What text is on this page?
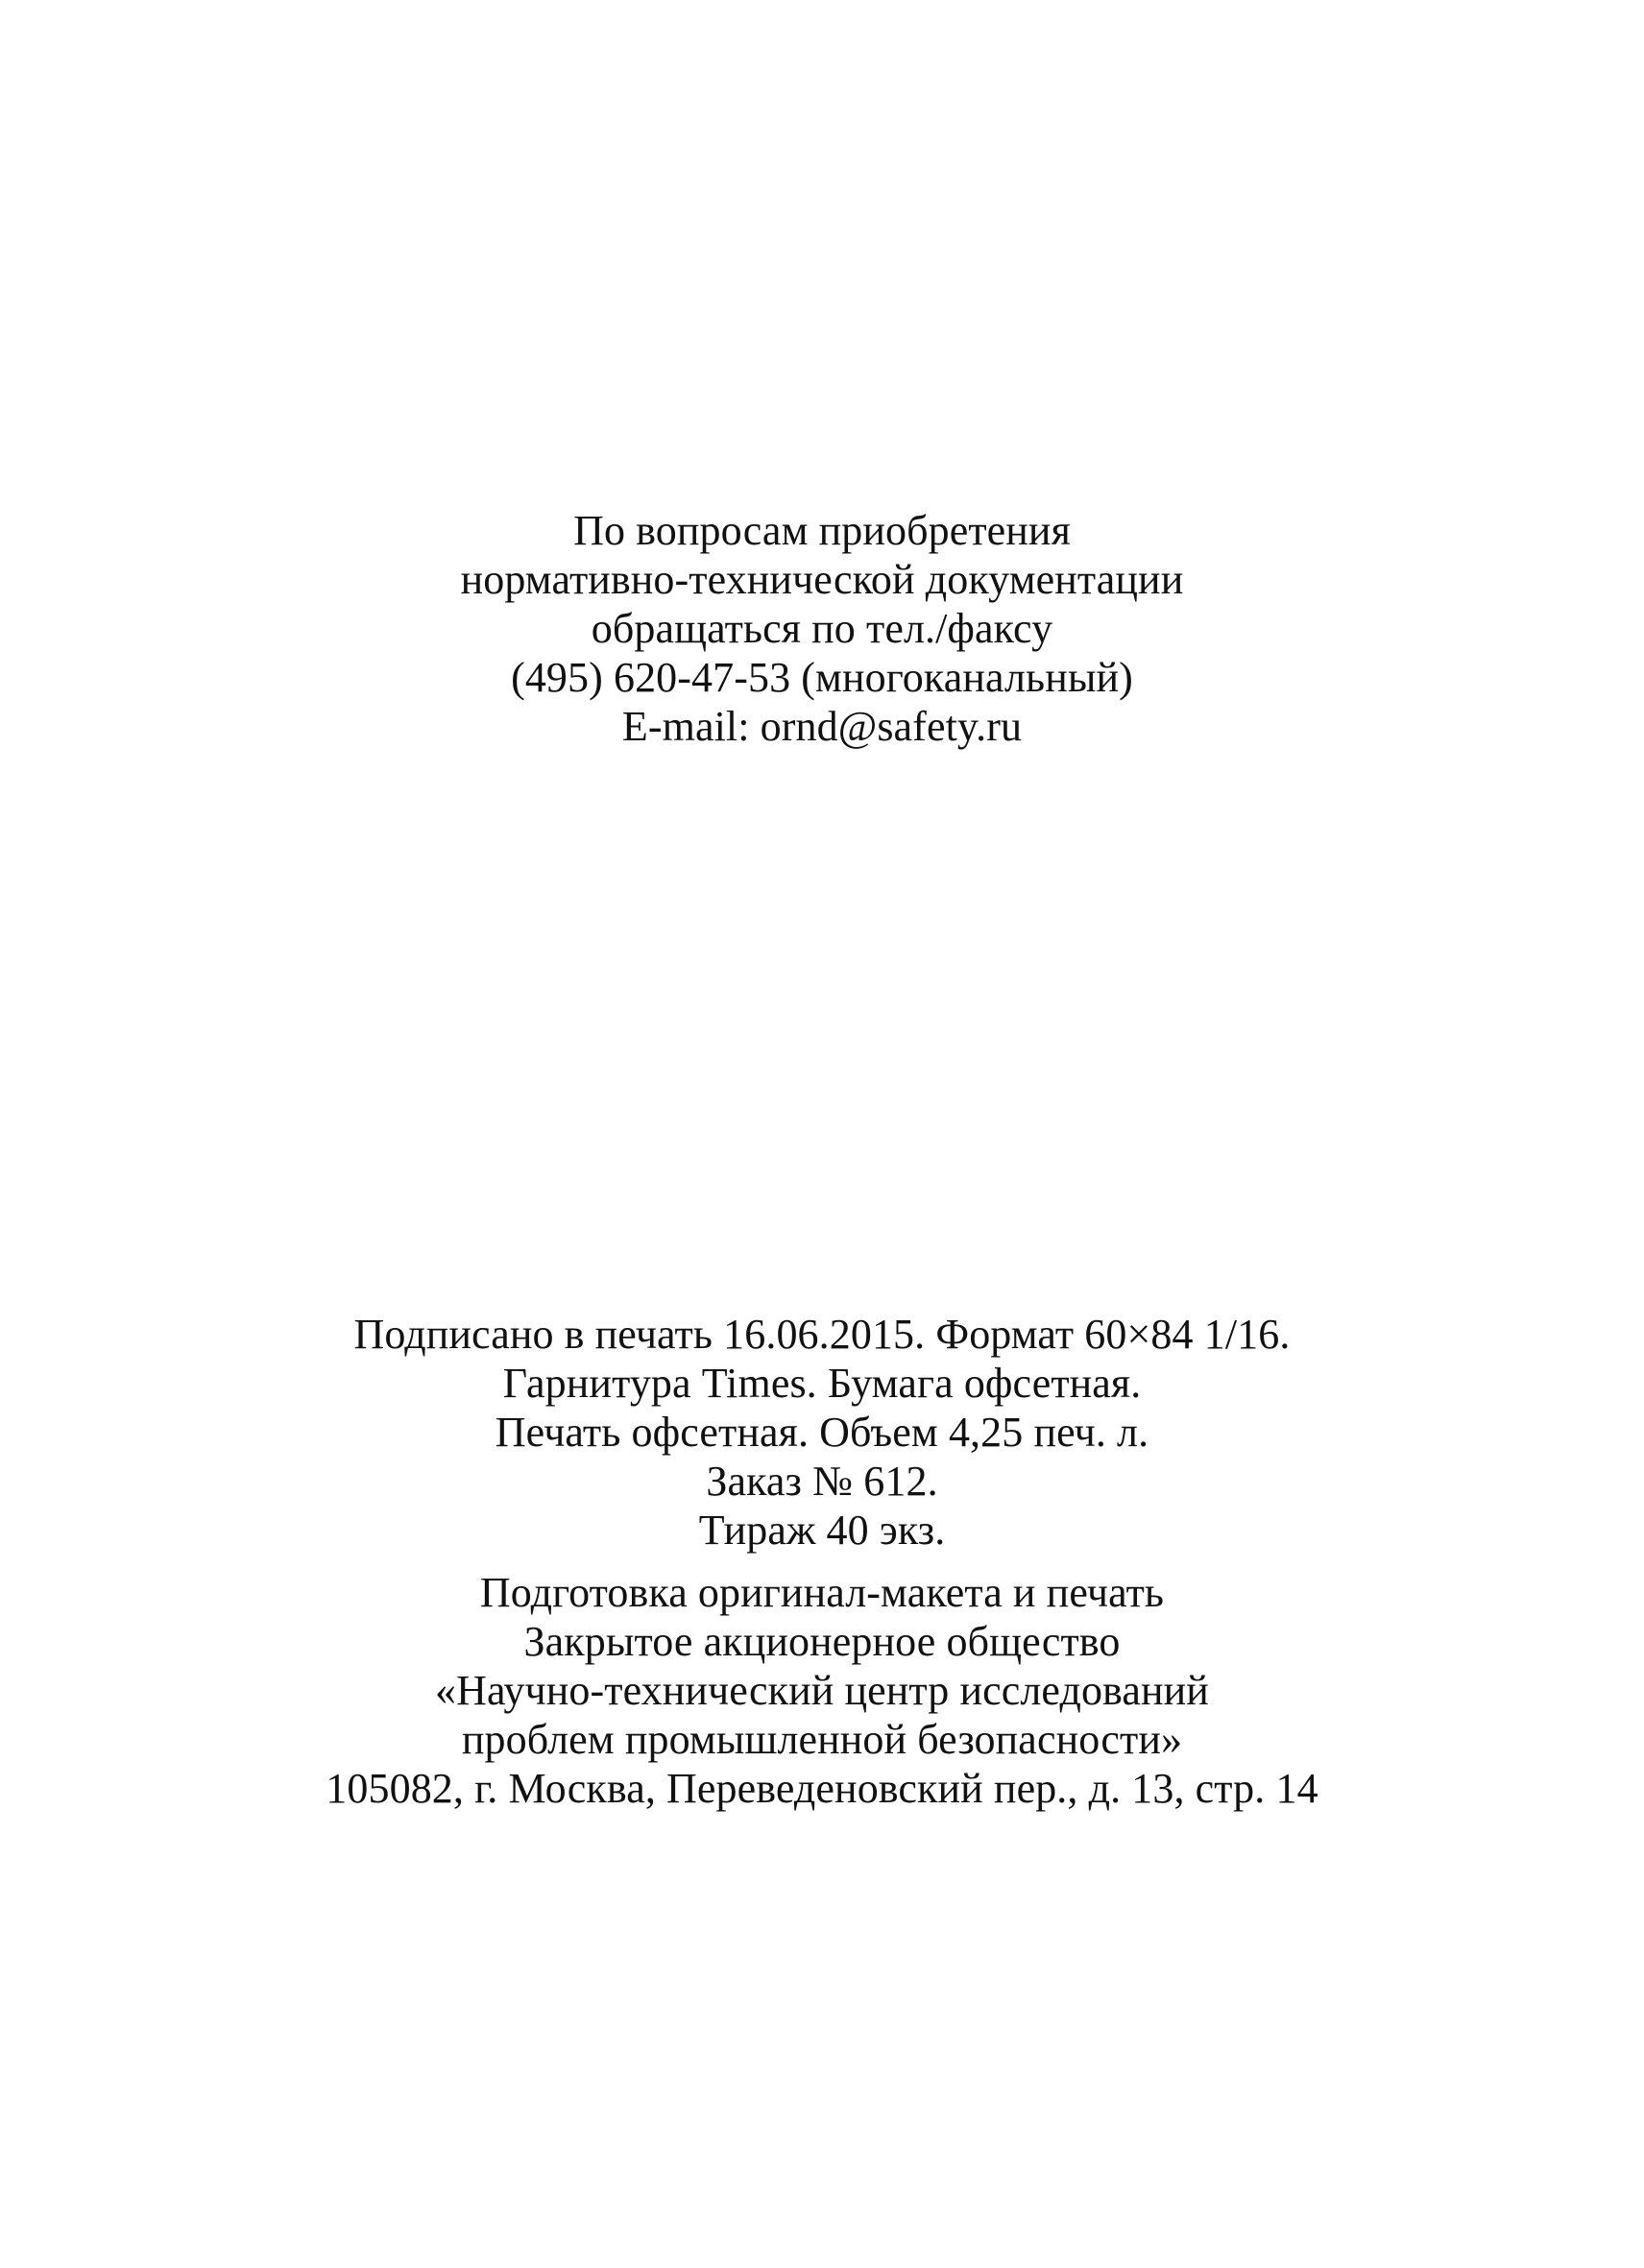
По вопросам приобретения
нормативно-технической документации
обращаться по тел./факсу
(495) 620-47-53 (многоканальный)
E-mail: ornd@safety.ru
Подписано в печать 16.06.2015. Формат 60×84 1/16.
Гарнитура Times. Бумага офсетная.
Печать офсетная. Объем 4,25 печ. л.
Заказ № 612.
Тираж 40 экз.
Подготовка оригинал-макета и печать
Закрытое акционерное общество
«Научно-технический центр исследований
проблем промышленной безопасности»
105082, г. Москва, Переведеновский пер., д. 13, стр. 14
